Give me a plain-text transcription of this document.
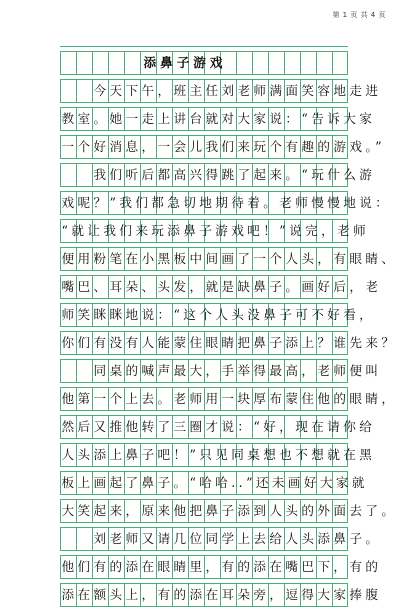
第 1 页 共 4 页
添鼻子游戏
今天下午，班主任刘老师满面笑容地走进
教室。她一走上讲台就对大家说：“告诉大家
一个好消息，一会儿我们来玩个有趣的游戏。”
我们听后都高兴得跳了起来。“玩什么游
戏呢？”我们都急切地期待着。老师慢慢地说：
“就让我们来玩添鼻子游戏吧！”说完，老师
便用粉笔在小黑板中间画了一个人头，有眼睛、
嘴巴、耳朵、头发，就是缺鼻子。画好后，老
师笑眯眯地说：“这个人头没鼻子可不好看，
你们有没有人能蒙住眼睛把鼻子添上？谁先来？
同桌的喊声最大，手举得最高，老师便叫
他第一个上去。老师用一块厚布蒙住他的眼睛，
然后又推他转了三圈才说：“好，现在请你给
人头添上鼻子吧！”只见同桌想也不想就在黑
板上画起了鼻子。“哈哈..”还未画好大家就
大笑起来，原来他把鼻子添到人头的外面去了。
刘老师又请几位同学上去给人头添鼻子。
他们有的添在眼睛里，有的添在嘴巴下，有的
添在额头上，有的添在耳朵旁，逗得大家捧腹
